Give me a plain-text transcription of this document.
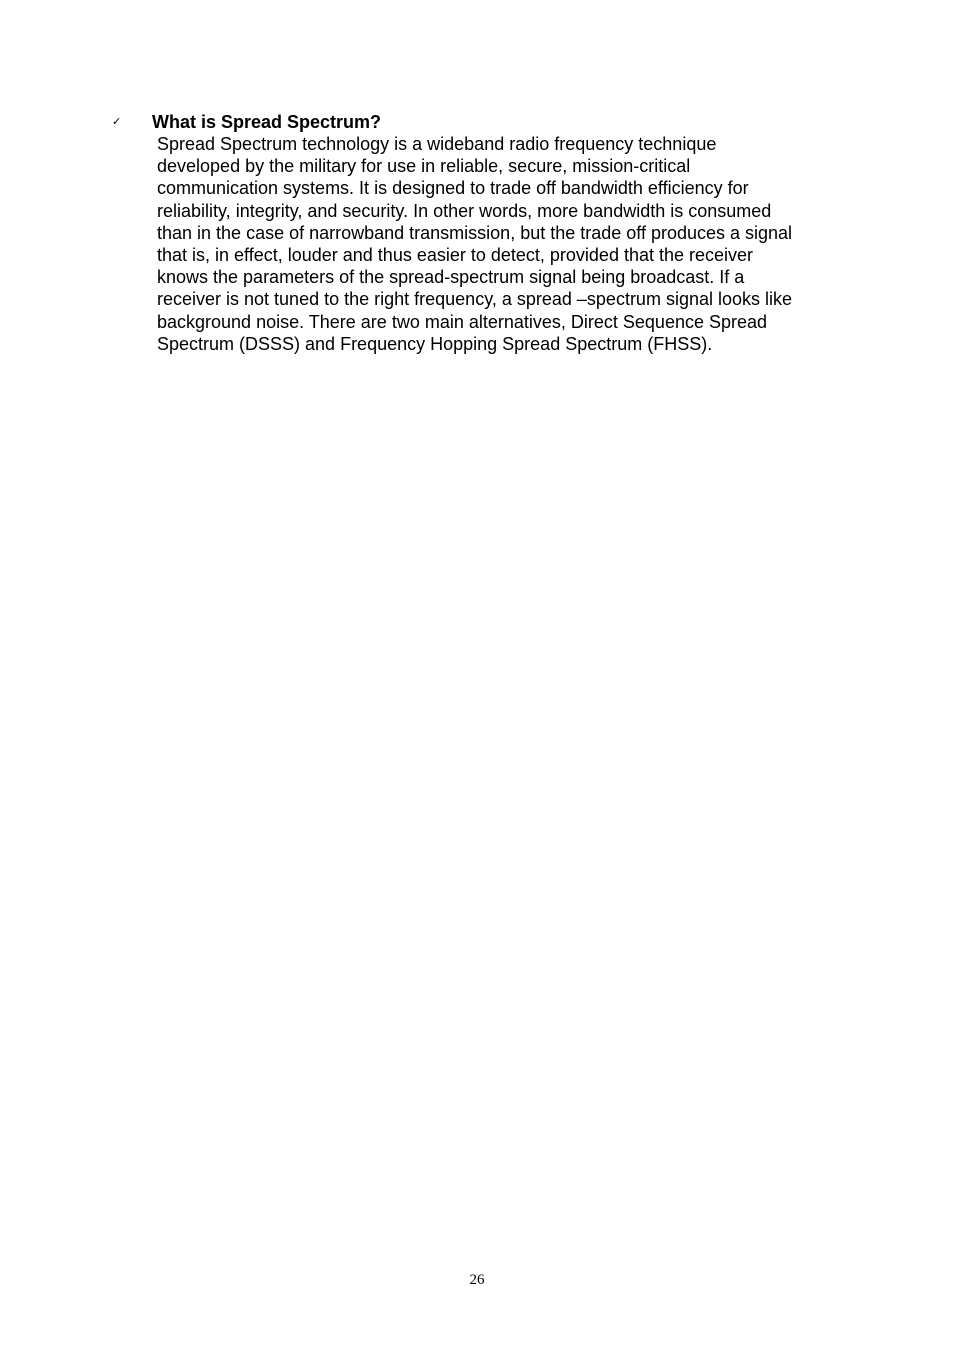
✓ What is Spread Spectrum?
Spread Spectrum technology is a wideband radio frequency technique
developed by the military for use in reliable, secure, mission-critical
communication systems. It is designed to trade off bandwidth efficiency for
reliability, integrity, and security. In other words, more bandwidth is consumed
than in the case of narrowband transmission, but the trade off produces a signal
that is, in effect, louder and thus easier to detect, provided that the receiver
knows the parameters of the spread-spectrum signal being broadcast. If a
receiver is not tuned to the right frequency, a spread –spectrum signal looks like
background noise. There are two main alternatives, Direct Sequence Spread
Spectrum (DSSS) and Frequency Hopping Spread Spectrum (FHSS).
26
